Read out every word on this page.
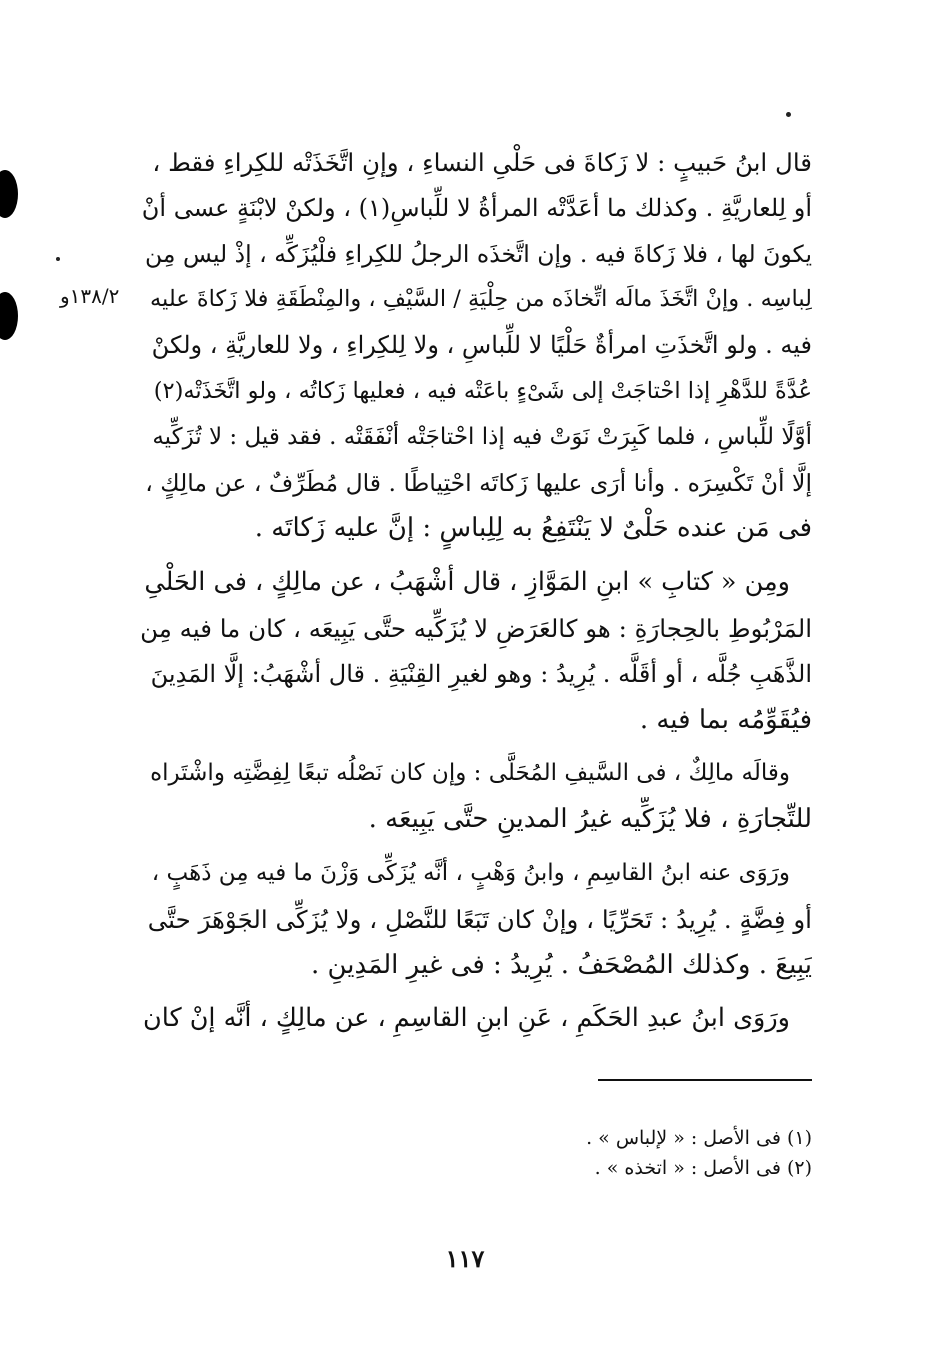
١٣٨/٢و
قال ابنُ حَبيبٍ : لا زَكاةَ فى حَلْىِ النساءِ ، وإنِ اتَّخَذَتْه للكِراءِ فقط ،
أو لِلعاريَّةِ . وكذلك ما أعَدَّتْه المرأةُ لا للِّباسِ(١) ، ولكنْ لابْنَةٍ عسى أنْ
يكونَ لها ، فلا زَكاةَ فيه . وإن اتَّخذَه الرجلُ للكِراءِ فلْيُزَكِّه ، إذْ ليس مِن
لِباسِه . وإنْ اتَّخَذَ مالَه اتِّخاذَه من حِلْيَةِ / السَّيْفِ ، والمِنْطَقَةِ فلا زَكاةَ عليه
فيه . ولو اتَّخذَتِ امرأةٌ حَلْيًا لا للِّباسِ ، ولا لِلكِراءِ ، ولا للعاريَّةِ ، ولكنْ
عُدَّةً للدَّهْرِ إذا احْتاجَتْ إلى شَىْءٍ باعَتْه فيه ، فعليها زَكاتُه ، ولو اتَّخَذَتْه(٢)
أوَّلًا للِّباسِ ، فلما كَبِرَتْ نَوَتْ فيه إذا احْتاجَتْه أنْفَقَتْه . فقد قيل : لا تُزَكِّيه
إلَّا أنْ تَكْسِرَه . وأنا أرَى عليها زَكاتَه احْتِياطًا . قال مُطَرِّفٌ ، عن مالِكٍ ،
فى مَن عنده حَلْىٌ لا يَنْتَفِعُ به لِلِباسٍ : إنَّ عليه زَكاتَه .
ومِن « كتابِ » ابنِ المَوَّازِ ، قال أشْهَبُ ، عن مالِكٍ ، فى الحَلْىِ
المَرْبُوطِ بالحِجارَةِ : هو كالعَرَضِ لا يُزَكِّيه حتَّى يَبِيعَه ، كان ما فيه مِن
الذَّهَبِ جُلَّه ، أو أقَلَّه . يُرِيدُ : وهو لغيرِ القِنْيَةِ . قال أشْهَبُ: إلَّا المَدِينَ
فيُقَوِّمُه بما فيه .
وقالَه مالِكٌ ، فى السَّيفِ المُحَلَّى : وإن كان نَصْلُه تبعًا لِفِضَّتِه واشْتَراه
للتِّجارَةِ ، فلا يُزَكِّيه غيرُ المدينِ حتَّى يَبِيعَه .
ورَوَى عنه ابنُ القاسِمِ ، وابنُ وَهْبٍ ، أنَّه يُزَكِّى وَزْنَ ما فيه مِن ذَهَبٍ ،
أو فِضَّةٍ . يُرِيدُ : تَحَرِّيًا ، وإنْ كان تَبَعًا للنَّصْلِ ، ولا يُزَكِّى الجَوْهَرَ حتَّى
يَبِيعَ . وكذلك المُصْحَفُ . يُرِيدُ : فى غيرِ المَدِينِ .
ورَوَى ابنُ عبدِ الحَكَمِ ، عَنِ ابنِ القاسِمِ ، عن مالِكٍ ، أنَّه إنْ كان
(١) فى الأصل : « لإلباس » .
(٢) فى الأصل : « اتخذه » .
١١٧
